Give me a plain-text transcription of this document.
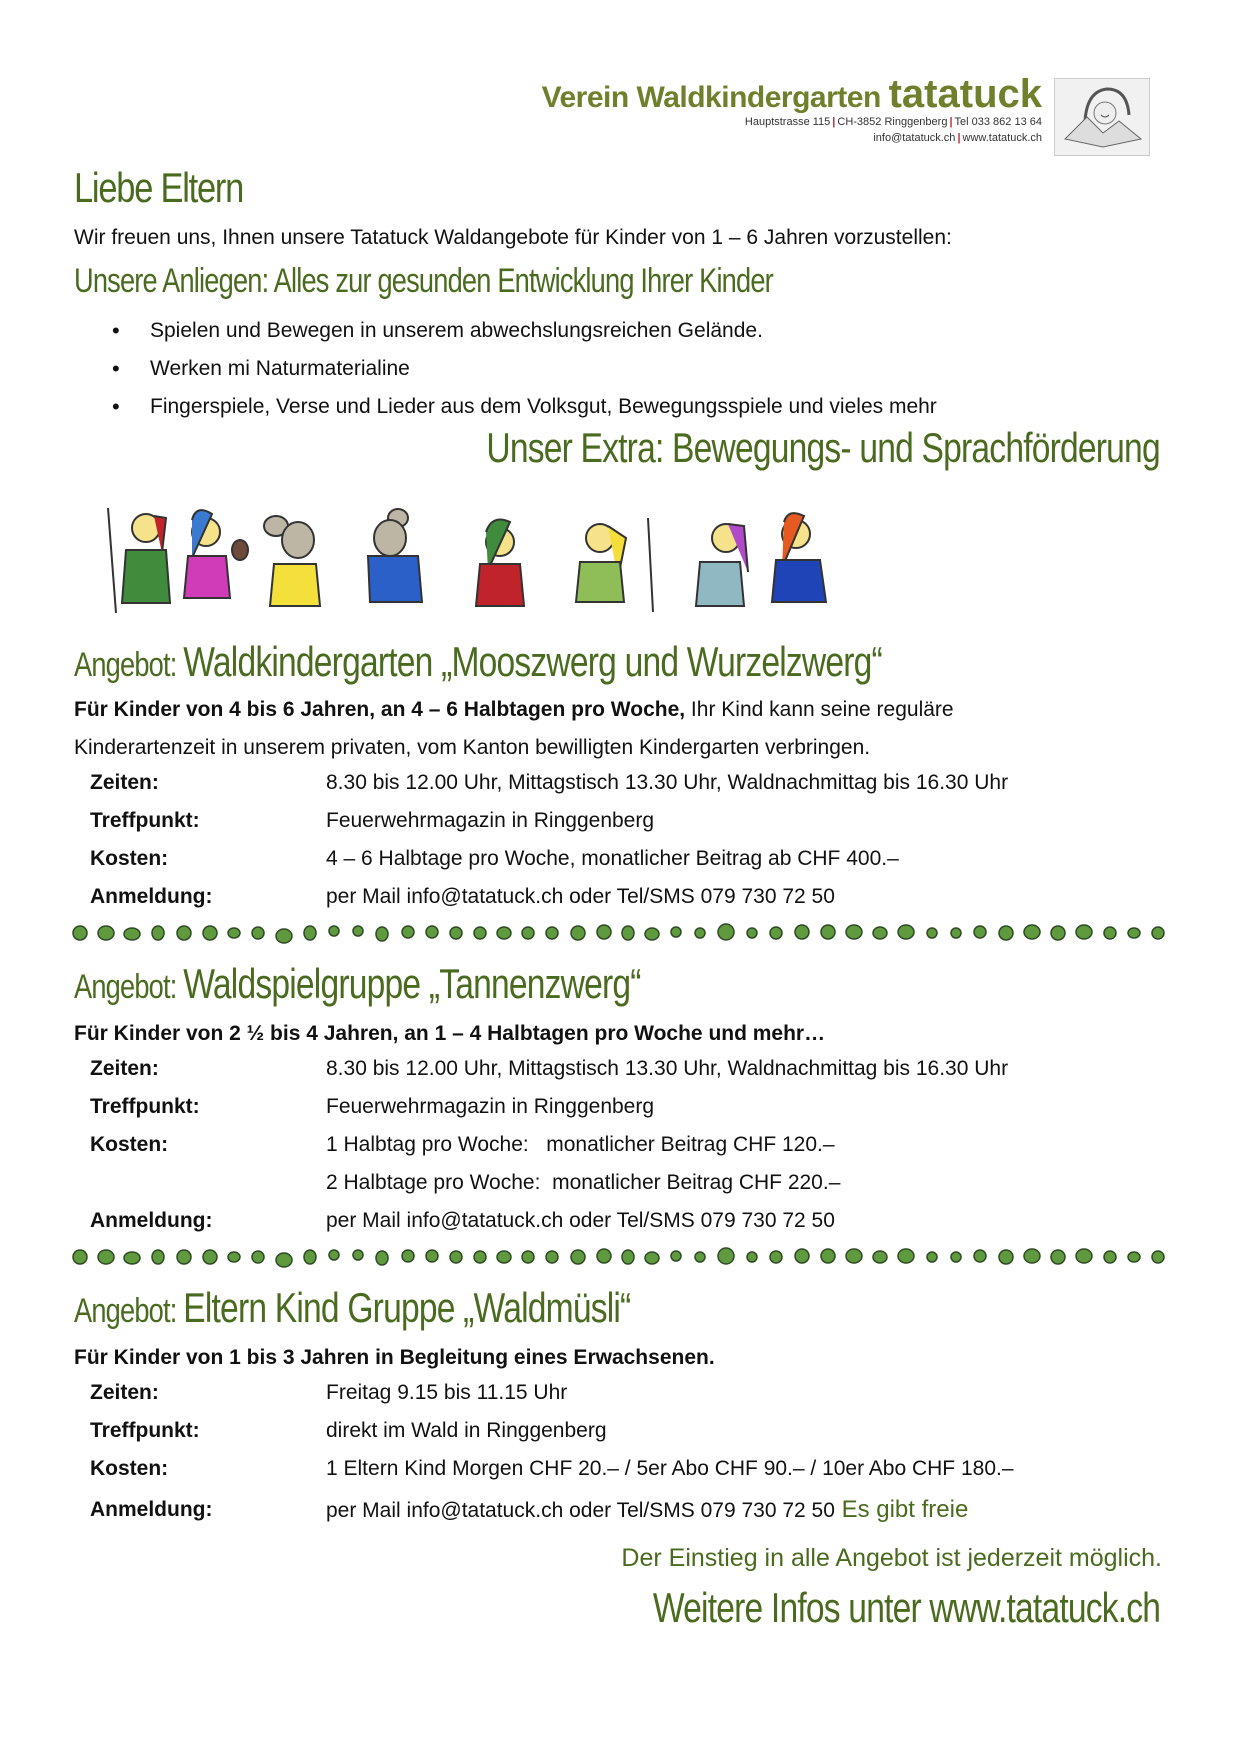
Verein Waldkindergarten tatatuck
Hauptstrasse 115 | CH-3852 Ringgenberg | Tel 033 862 13 64
info@tatatuck.ch | www.tatatuck.ch
Liebe Eltern
Wir freuen uns, Ihnen unsere Tatatuck Waldangebote für Kinder von 1 – 6 Jahren vorzustellen:
Unsere Anliegen: Alles zur gesunden Entwicklung Ihrer Kinder
• Spielen und Bewegen in unserem abwechslungsreichen Gelände.
• Werken mi Naturmaterialine
• Fingerspiele, Verse und Lieder aus dem Volksgut, Bewegungsspiele und vieles mehr
Unser Extra: Bewegungs- und Sprachförderung
Angebot: Waldkindergarten „Mooszwerg und Wurzelzwerg“
Für Kinder von 4 bis 6 Jahren, an 4 – 6 Halbtagen pro Woche, Ihr Kind kann seine reguläre
Kinderartenzeit in unserem privaten, vom Kanton bewilligten Kindergarten verbringen.
Zeiten:	8.30 bis 12.00 Uhr, Mittagstisch 13.30 Uhr, Waldnachmittag bis 16.30 Uhr
Treffpunkt:	Feuerwehrmagazin in Ringgenberg
Kosten:	4 – 6 Halbtage pro Woche, monatlicher Beitrag ab CHF 400.–
Anmeldung:	per Mail info@tatatuck.ch oder Tel/SMS 079 730 72 50
Angebot: Waldspielgruppe „Tannenzwerg“
Für Kinder von 2 ½ bis 4 Jahren, an 1 – 4 Halbtagen pro Woche und mehr…
Zeiten:	8.30 bis 12.00 Uhr, Mittagstisch 13.30 Uhr, Waldnachmittag bis 16.30 Uhr
Treffpunkt:	Feuerwehrmagazin in Ringgenberg
Kosten:	1 Halbtag pro Woche:   monatlicher Beitrag CHF 120.–
2 Halbtage pro Woche:  monatlicher Beitrag CHF 220.–
Anmeldung:	per Mail info@tatatuck.ch oder Tel/SMS 079 730 72 50
Angebot: Eltern Kind Gruppe „Waldmüsli“
Für Kinder von 1 bis 3 Jahren in Begleitung eines Erwachsenen.
Zeiten:	Freitag 9.15 bis 11.15 Uhr
Treffpunkt:	direkt im Wald in Ringgenberg
Kosten:	1 Eltern Kind Morgen CHF 20.– / 5er Abo CHF 90.– / 10er Abo CHF 180.–
Anmeldung:	per Mail info@tatatuck.ch oder Tel/SMS 079 730 72 50 Es gibt freie
Der Einstieg in alle Angebot ist jederzeit möglich.
Weitere Infos unter www.tatatuck.ch
